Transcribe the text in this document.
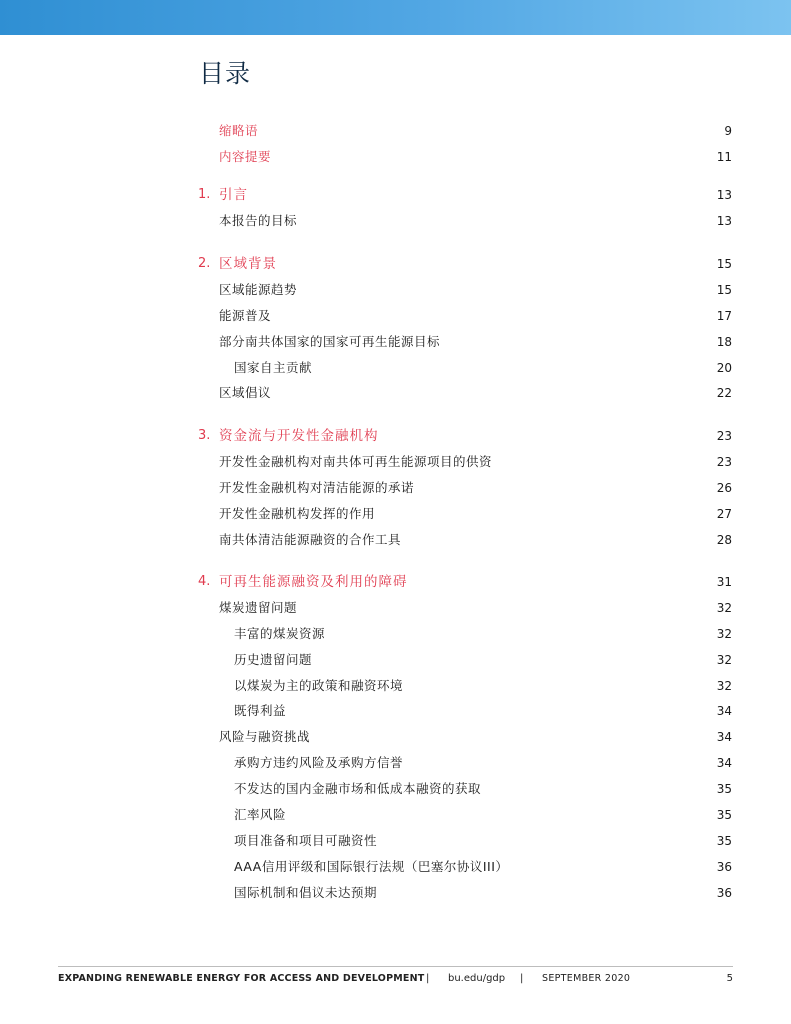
目录
缩略语	9
内容提要	11
1. 引言	13
本报告的目标	13
2. 区域背景	15
区域能源趋势	15
能源普及	17
部分南共体国家的国家可再生能源目标	18
国家自主贡献	20
区域倡议	22
3. 资金流与开发性金融机构	23
开发性金融机构对南共体可再生能源项目的供资	23
开发性金融机构对清洁能源的承诺	26
开发性金融机构发挥的作用	27
南共体清洁能源融资的合作工具	28
4. 可再生能源融资及利用的障碍	31
煤炭遗留问题	32
丰富的煤炭资源	32
历史遗留问题	32
以煤炭为主的政策和融资环境	32
既得利益	34
风险与融资挑战	34
承购方违约风险及承购方信誉	34
不发达的国内金融市场和低成本融资的获取	35
汇率风险	35
项目准备和项目可融资性	35
AAA信用评级和国际银行法规（巴塞尔协议III）	36
国际机制和倡议未达预期	36
EXPANDING RENEWABLE ENERGY FOR ACCESS AND DEVELOPMENT | bu.edu/gdp | SEPTEMBER 2020	5
